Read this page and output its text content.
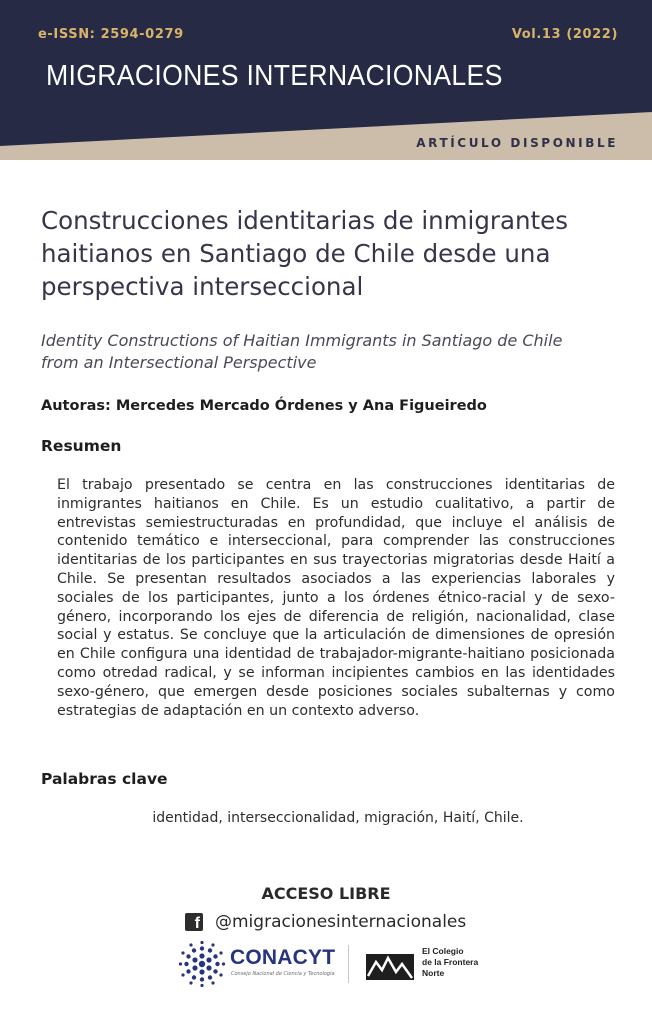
e-ISSN: 2594-0279	Vol.13 (2022)
MIGRACIONES INTERNACIONALES
ARTÍCULO DISPONIBLE
Construcciones identitarias de inmigrantes haitianos en Santiago de Chile desde una perspectiva interseccional

Identity Constructions of Haitian Immigrants in Santiago de Chile from an Intersectional Perspective

Autoras: Mercedes Mercado Órdenes y Ana Figueiredo
Resumen

El trabajo presentado se centra en las construcciones identitarias de inmigrantes haitianos en Chile. Es un estudio cualitativo, a partir de entrevistas semiestructuradas en profundidad, que incluye el análisis de contenido temático e interseccional, para comprender las construcciones identitarias de los participantes en sus trayectorias migratorias desde Haití a Chile. Se presentan resultados asociados a las experiencias laborales y sociales de los participantes, junto a los órdenes étnico-racial y de sexo-género, incorporando los ejes de diferencia de religión, nacionalidad, clase social y estatus. Se concluye que la articulación de dimensiones de opresión en Chile configura una identidad de trabajador-migrante-haitiano posicionada como otredad radical, y se informan incipientes cambios en las identidades sexo-género, que emergen desde posiciones sociales subalternas y como estrategias de adaptación en un contexto adverso.

Palabras clave
identidad, interseccionalidad, migración, Haití, Chile.
ACCESO LIBRE
f @migracionesinternacionales
CONACYT
Consejo Nacional de Ciencia y Tecnología
El Colegio
de la Frontera
Norte
